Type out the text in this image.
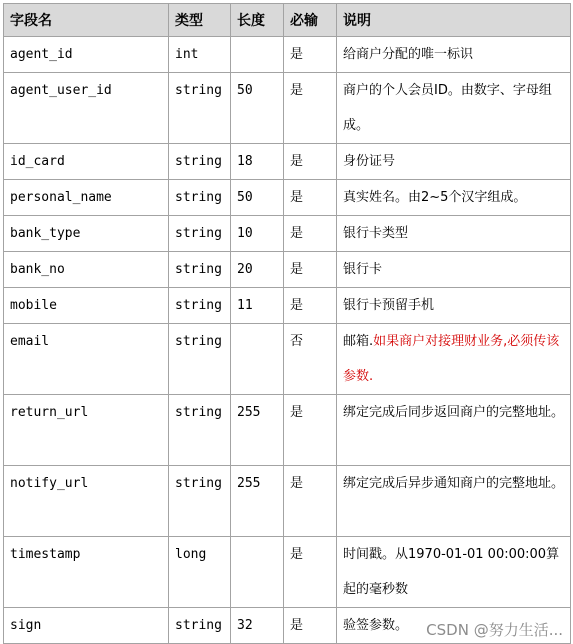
字段名	类型	长度	必输	说明
agent_id	int		是	给商户分配的唯一标识
agent_user_id	string	50	是	商户的个人会员ID。由数字、字母组成。
id_card	string	18	是	身份证号
personal_name	string	50	是	真实姓名。由2~5个汉字组成。
bank_type	string	10	是	银行卡类型
bank_no	string	20	是	银行卡
mobile	string	11	是	银行卡预留手机
email	string		否	邮箱.如果商户对接理财业务,必须传该参数.
return_url	string	255	是	绑定完成后同步返回商户的完整地址。
notify_url	string	255	是	绑定完成后异步通知商户的完整地址。
timestamp	long		是	时间戳。从1970-01-01 00:00:00算起的毫秒数
sign	string	32	是	验签参数。 CSDN @努力生活...
